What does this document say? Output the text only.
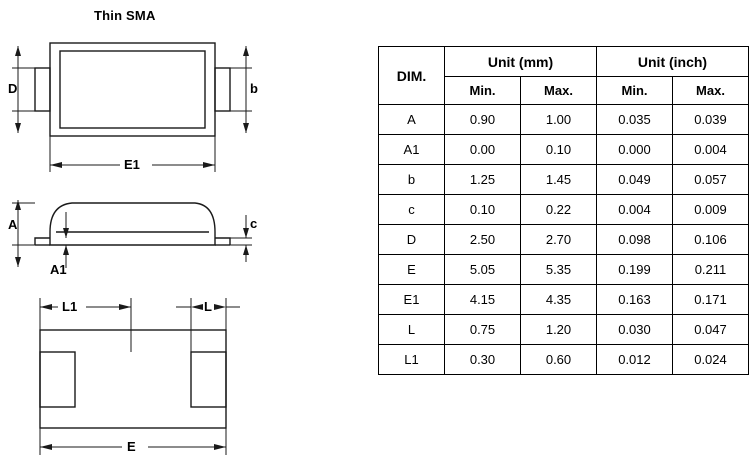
Thin SMA
D	b
E1
A	c
A1
L1	L
E
DIM.	Unit (mm)		Unit (inch)	
	Min.	Max.	Min.	Max.
A	0.90	1.00	0.035	0.039
A1	0.00	0.10	0.000	0.004
b	1.25	1.45	0.049	0.057
c	0.10	0.22	0.004	0.009
D	2.50	2.70	0.098	0.106
E	5.05	5.35	0.199	0.211
E1	4.15	4.35	0.163	0.171
L	0.75	1.20	0.030	0.047
L1	0.30	0.60	0.012	0.024
